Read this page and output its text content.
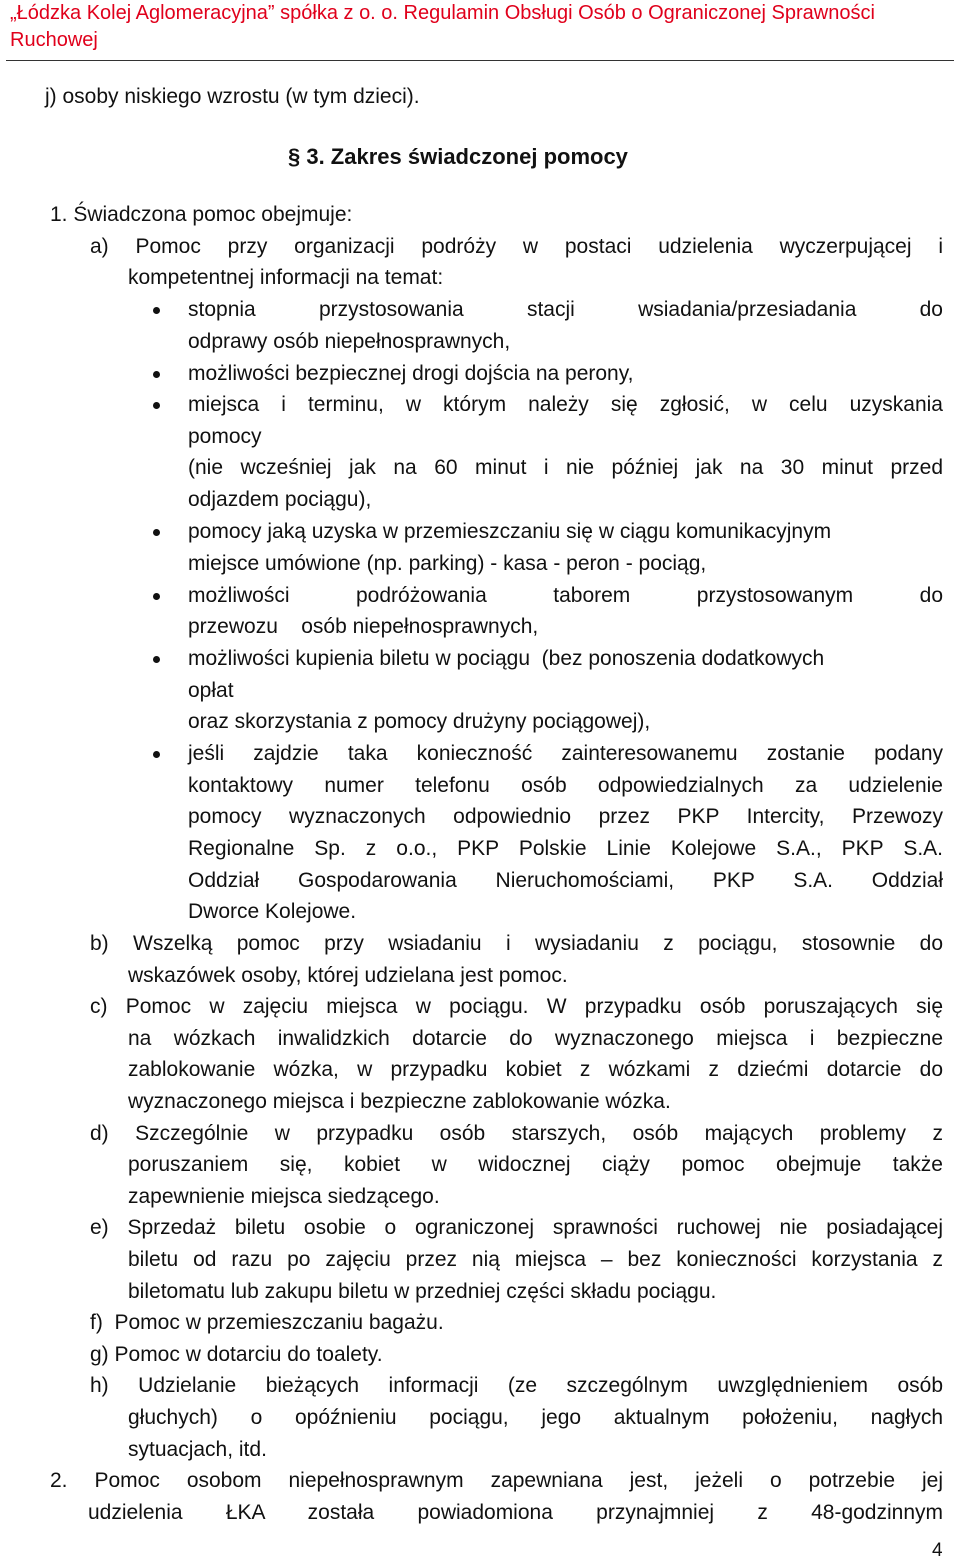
„Łódzka Kolej Aglomeracyjna” spółka z o. o. Regulamin Obsługi Osób o Ograniczonej Sprawności
Ruchowej
j) osoby niskiego wzrostu (w tym dzieci).
§ 3. Zakres świadczonej pomocy
1. Świadczona pomoc obejmuje:
a) Pomoc przy organizacji podróży w postaci udzielenia wyczerpującej i
kompetentnej informacji na temat:
stopnia przystosowania stacji wsiadania/przesiadania do
odprawy osób niepełnosprawnych,
możliwości bezpiecznej drogi dojścia na perony,
miejsca i terminu, w którym należy się zgłosić, w celu uzyskania
pomocy
(nie wcześniej jak na 60 minut i nie później jak na 30 minut przed
odjazdem pociągu),
pomocy jaką uzyska w przemieszczaniu się w ciągu komunikacyjnym
miejsce umówione (np. parking) - kasa - peron - pociąg,
możliwości podróżowania taborem przystosowanym do
przewozu    osób niepełnosprawnych,
możliwości kupienia biletu w pociągu  (bez ponoszenia dodatkowych
opłat
oraz skorzystania z pomocy drużyny pociągowej),
jeśli zajdzie taka konieczność zainteresowanemu zostanie podany
kontaktowy numer telefonu osób odpowiedzialnych za udzielenie
pomocy wyznaczonych odpowiednio przez PKP Intercity, Przewozy
Regionalne Sp. z o.o., PKP Polskie Linie Kolejowe S.A., PKP S.A.
Oddział Gospodarowania Nieruchomościami, PKP S.A. Oddział
Dworce Kolejowe.
b) Wszelką pomoc przy wsiadaniu i wysiadaniu z pociągu, stosownie do
wskazówek osoby, której udzielana jest pomoc.
c) Pomoc w zajęciu miejsca w pociągu. W przypadku osób poruszających się
na wózkach inwalidzkich dotarcie do wyznaczonego miejsca i bezpieczne
zablokowanie wózka, w przypadku kobiet z wózkami z dziećmi dotarcie do
wyznaczonego miejsca i bezpieczne zablokowanie wózka.
d) Szczególnie w przypadku osób starszych, osób mających problemy z
poruszaniem się, kobiet w widocznej ciąży pomoc obejmuje także
zapewnienie miejsca siedzącego.
e) Sprzedaż biletu osobie o ograniczonej sprawności ruchowej nie posiadającej
biletu od razu po zajęciu przez nią miejsca – bez konieczności korzystania z
biletomatu lub zakupu biletu w przedniej części składu pociągu.
f)  Pomoc w przemieszczaniu bagażu.
g) Pomoc w dotarciu do toalety.
h) Udzielanie bieżących informacji (ze szczególnym uwzględnieniem osób
głuchych) o opóźnieniu pociągu, jego aktualnym położeniu, nagłych
sytuacjach, itd.
2. Pomoc osobom niepełnosprawnym zapewniana jest, jeżeli o potrzebie jej
udzielenia ŁKA została powiadomiona przynajmniej z 48-godzinnym
4
